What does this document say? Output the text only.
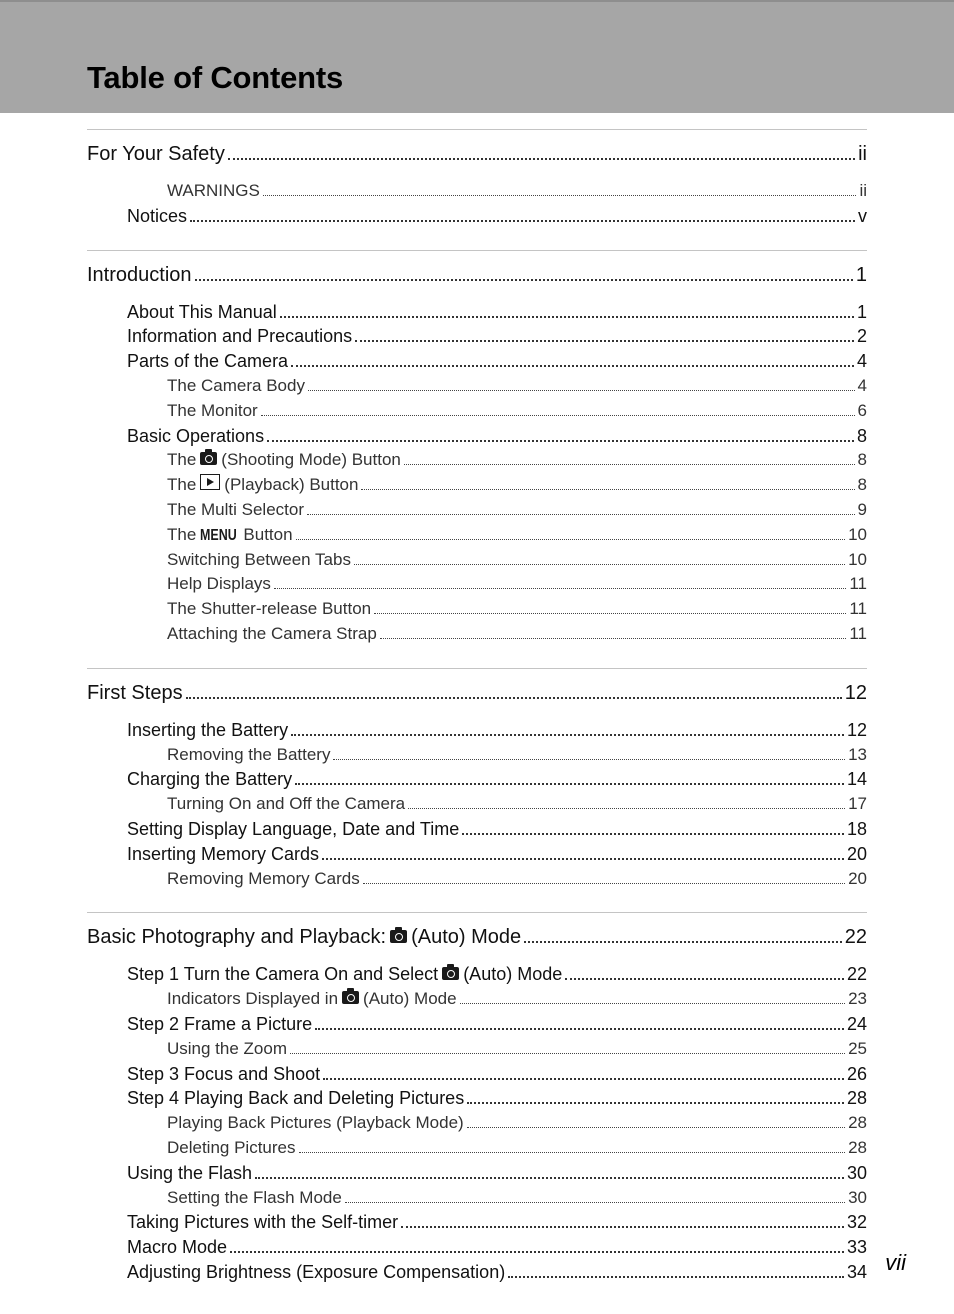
Table of Contents
For Your Safety	ii
WARNINGS	ii
Notices	v
Introduction	1
About This Manual	1
Information and Precautions	2
Parts of the Camera	4
The Camera Body	4
The Monitor	6
Basic Operations	8
The (Shooting Mode) Button	8
The (Playback) Button	8
The Multi Selector	9
The MENU Button	10
Switching Between Tabs	10
Help Displays	11
The Shutter-release Button	11
Attaching the Camera Strap	11
First Steps	12
Inserting the Battery	12
Removing the Battery	13
Charging the Battery	14
Turning On and Off the Camera	17
Setting Display Language, Date and Time	18
Inserting Memory Cards	20
Removing Memory Cards	20
Basic Photography and Playback: (Auto) Mode	22
Step 1 Turn the Camera On and Select (Auto) Mode	22
Indicators Displayed in (Auto) Mode	23
Step 2 Frame a Picture	24
Using the Zoom	25
Step 3 Focus and Shoot	26
Step 4 Playing Back and Deleting Pictures	28
Playing Back Pictures (Playback Mode)	28
Deleting Pictures	28
Using the Flash	30
Setting the Flash Mode	30
Taking Pictures with the Self-timer	32
Macro Mode	33
Adjusting Brightness (Exposure Compensation)	34 vii
